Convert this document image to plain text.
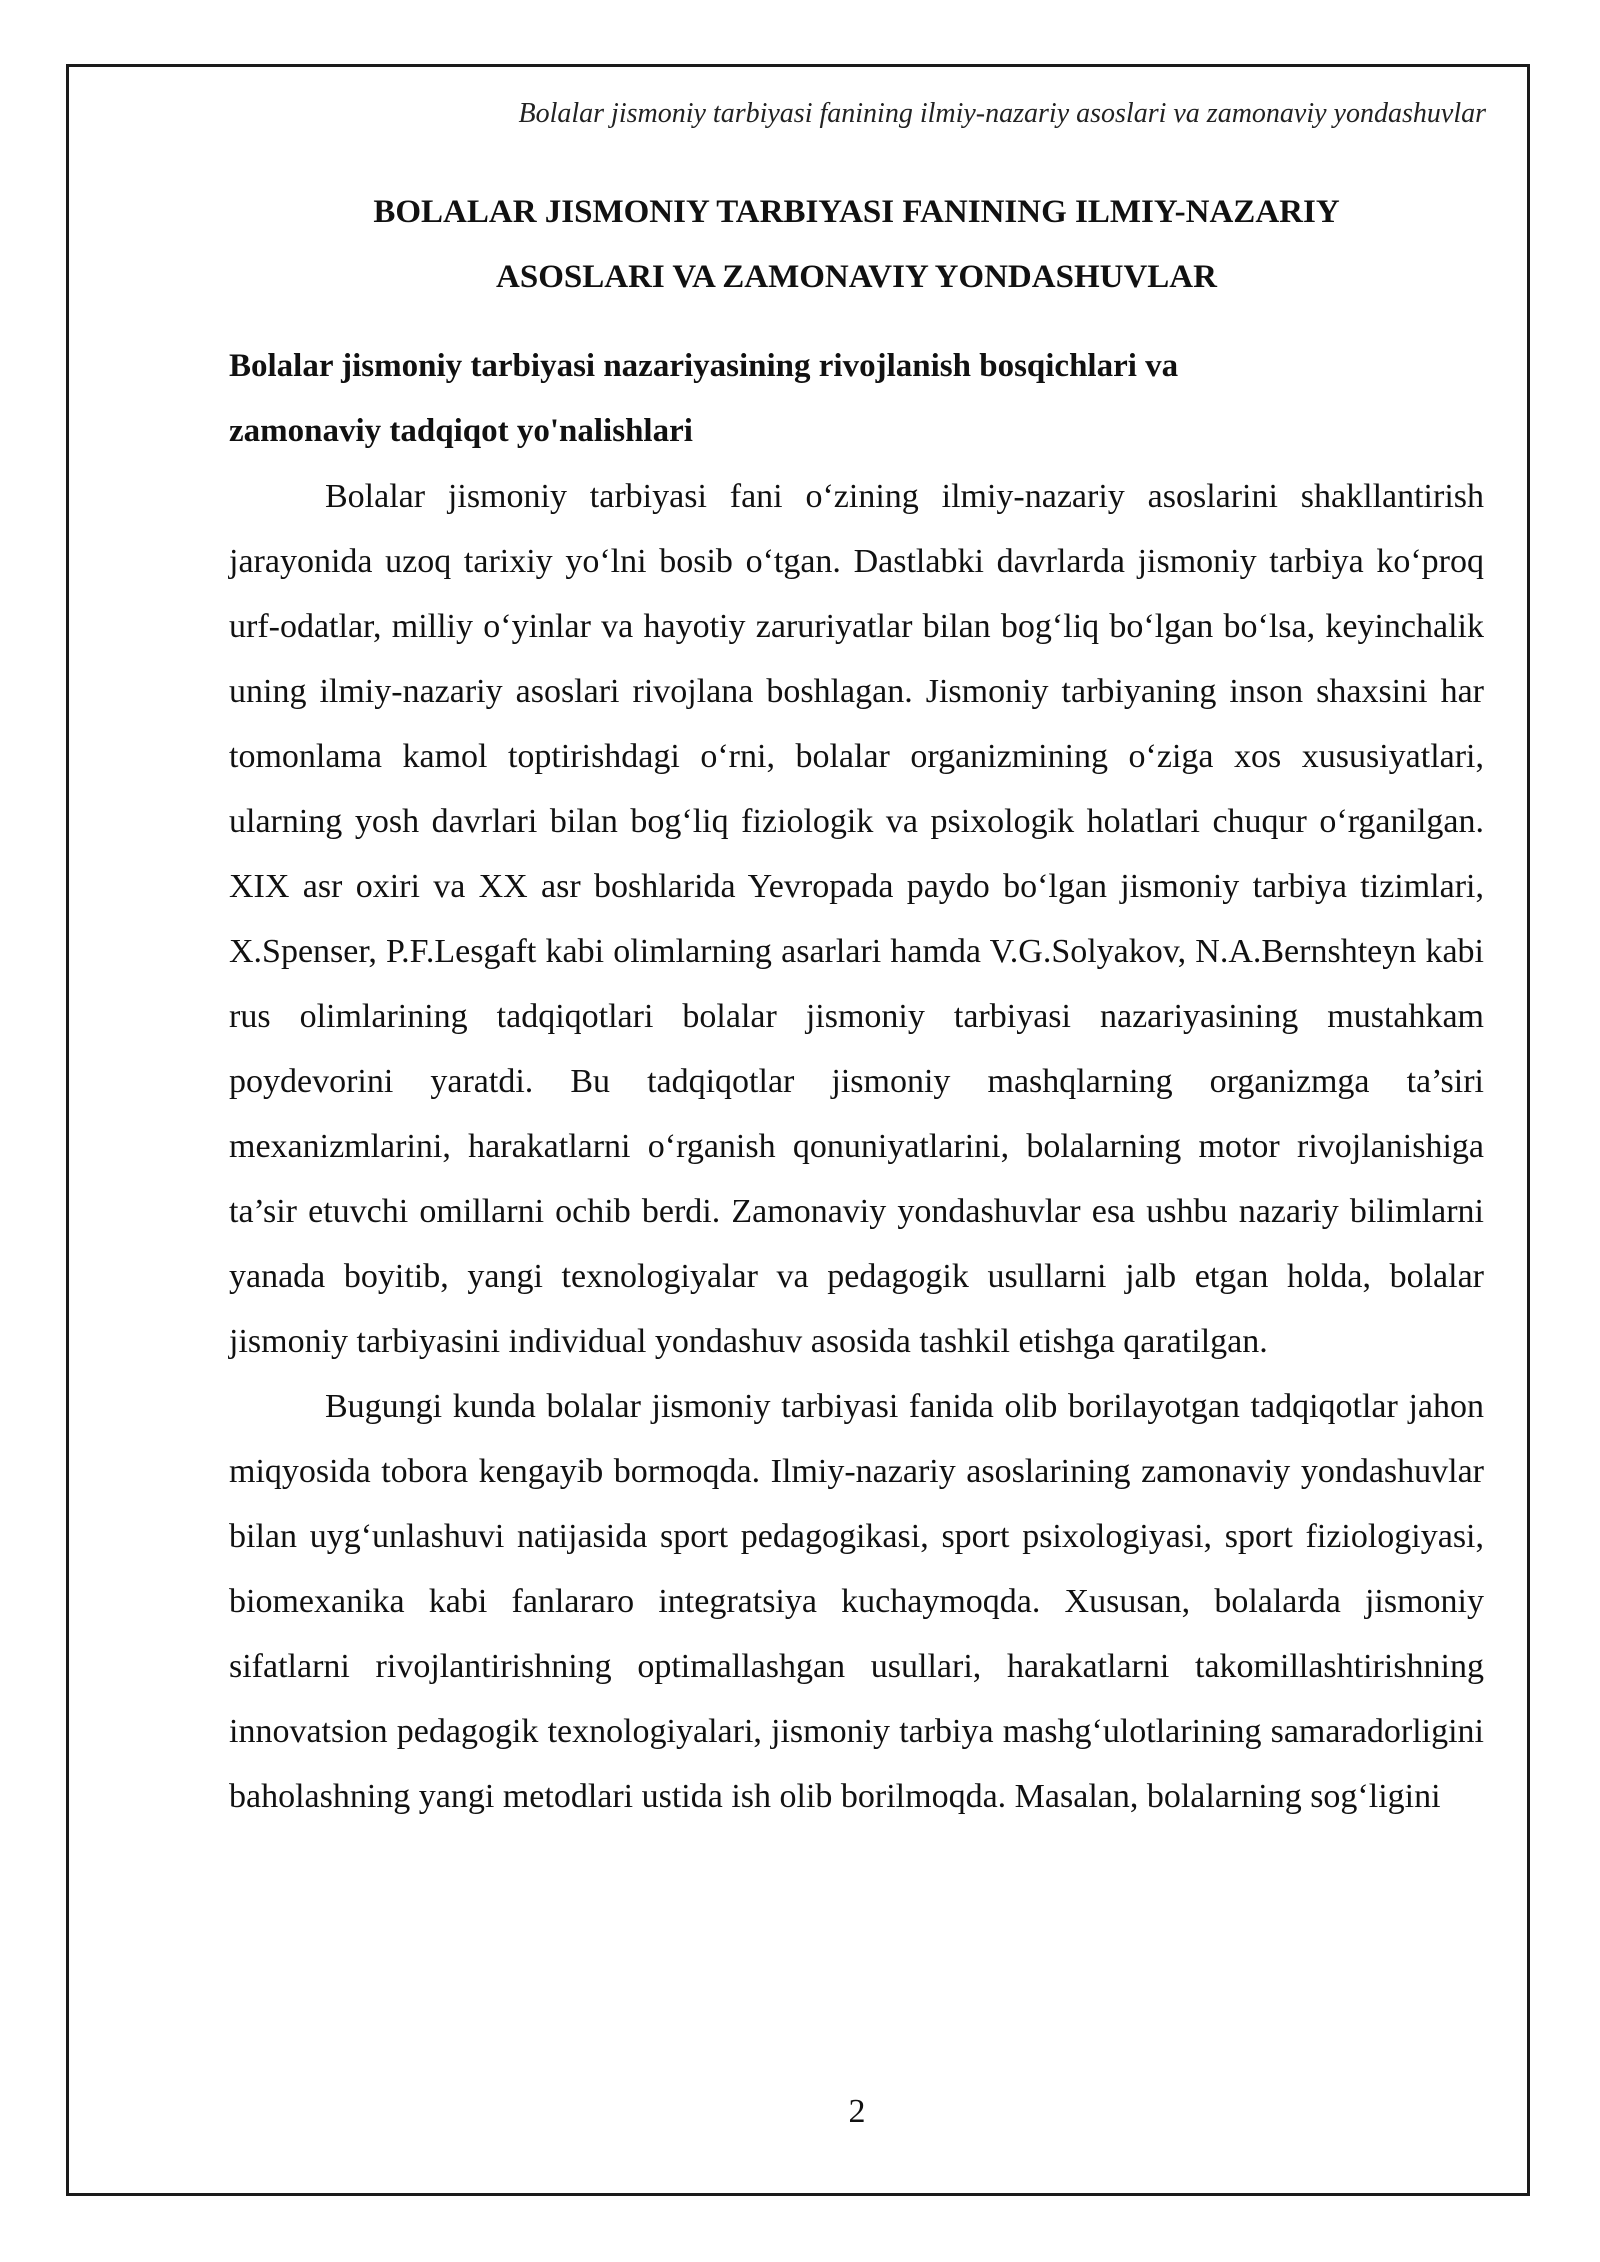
Bolalar jismoniy tarbiyasi fanining ilmiy-nazariy asoslari va zamonaviy yondashuvlar
BOLALAR JISMONIY TARBIYASI FANINING ILMIY-NAZARIY
ASOSLARI VA ZAMONAVIY YONDASHUVLAR
Bolalar jismoniy tarbiyasi nazariyasining rivojlanish bosqichlari va
zamonaviy tadqiqot yo'nalishlari

Bolalar jismoniy tarbiyasi fani o‘zining ilmiy-nazariy asoslarini shakllantirish jarayonida uzoq tarixiy yo‘lni bosib o‘tgan. Dastlabki davrlarda jismoniy tarbiya ko‘proq urf-odatlar, milliy o‘yinlar va hayotiy zaruriyatlar bilan bog‘liq bo‘lgan bo‘lsa, keyinchalik uning ilmiy-nazariy asoslari rivojlana boshlagan. Jismoniy tarbiyaning inson shaxsini har tomonlama kamol toptirishdagi o‘rni, bolalar organizmining o‘ziga xos xususiyatlari, ularning yosh davrlari bilan bog‘liq fiziologik va psixologik holatlari chuqur o‘rganilgan. XIX asr oxiri va XX asr boshlarida Yevropada paydo bo‘lgan jismoniy tarbiya tizimlari, X.Spenser, P.F.Lesgaft kabi olimlarning asarlari hamda V.G.Solyakov, N.A.Bernshteyn kabi rus olimlarining tadqiqotlari bolalar jismoniy tarbiyasi nazariyasining mustahkam poydevorini yaratdi. Bu tadqiqotlar jismoniy mashqlarning organizmga ta’siri mexanizmlarini, harakatlarni o‘rganish qonuniyatlarini, bolalarning motor rivojlanishiga ta’sir etuvchi omillarni ochib berdi. Zamonaviy yondashuvlar esa ushbu nazariy bilimlarni yanada boyitib, yangi texnologiyalar va pedagogik usullarni jalb etgan holda, bolalar jismoniy tarbiyasini individual yondashuv asosida tashkil etishga qaratilgan.

Bugungi kunda bolalar jismoniy tarbiyasi fanida olib borilayotgan tadqiqotlar jahon miqyosida tobora kengayib bormoqda. Ilmiy-nazariy asoslarining zamonaviy yondashuvlar bilan uyg‘unlashuvi natijasida sport pedagogikasi, sport psixologiyasi, sport fiziologiyasi, biomexanika kabi fanlararo integratsiya kuchaymoqda. Xususan, bolalarda jismoniy sifatlarni rivojlantirishning optimallashgan usullari, harakatlarni takomillashtirishning innovatsion pedagogik texnologiyalari, jismoniy tarbiya mashg‘ulotlarining samaradorligini baholashning yangi metodlari ustida ish olib borilmoqda. Masalan, bolalarning sog‘ligini

2
